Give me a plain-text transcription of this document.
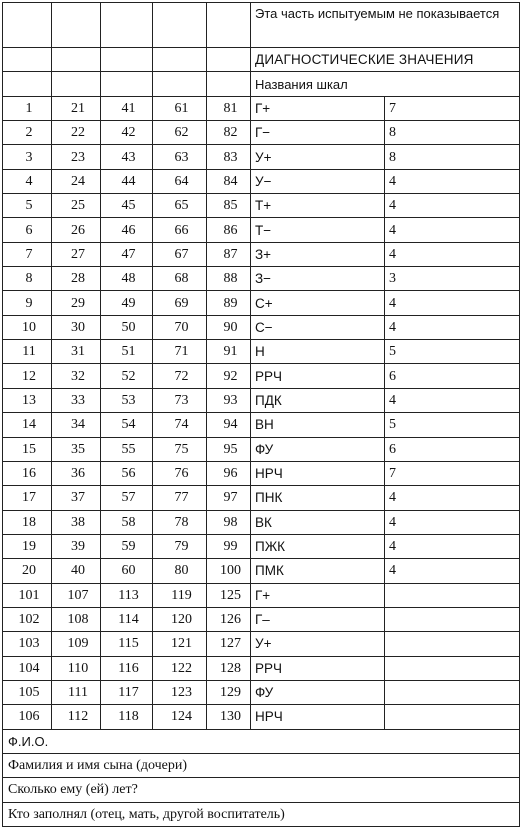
					Эта часть испытуемым не показывается	
					ДИАГНОСТИЧЕСКИЕ ЗНАЧЕНИЯ	
					Названия шкал	
1	21	41	61	81	Г+	7
2	22	42	62	82	Г−	8
3	23	43	63	83	У+	8
4	24	44	64	84	У−	4
5	25	45	65	85	Т+	4
6	26	46	66	86	Т−	4
7	27	47	67	87	З+	4
8	28	48	68	88	З−	3
9	29	49	69	89	С+	4
10	30	50	70	90	С−	4
11	31	51	71	91	Н	5
12	32	52	72	92	РРЧ	6
13	33	53	73	93	ПДК	4
14	34	54	74	94	ВН	5
15	35	55	75	95	ФУ	6
16	36	56	76	96	НРЧ	7
17	37	57	77	97	ПНК	4
18	38	58	78	98	ВК	4
19	39	59	79	99	ПЖК	4
20	40	60	80	100	ПМК	4
101	107	113	119	125	Г+	
102	108	114	120	126	Г–	
103	109	115	121	127	У+	
104	110	116	122	128	РРЧ	
105	111	117	123	129	ФУ	
106	112	118	124	130	НРЧ	
Ф.И.О.						
Фамилия и имя сына (дочери)						
Сколько ему (ей) лет?						
Кто заполнял (отец, мать, другой воспитатель)						
